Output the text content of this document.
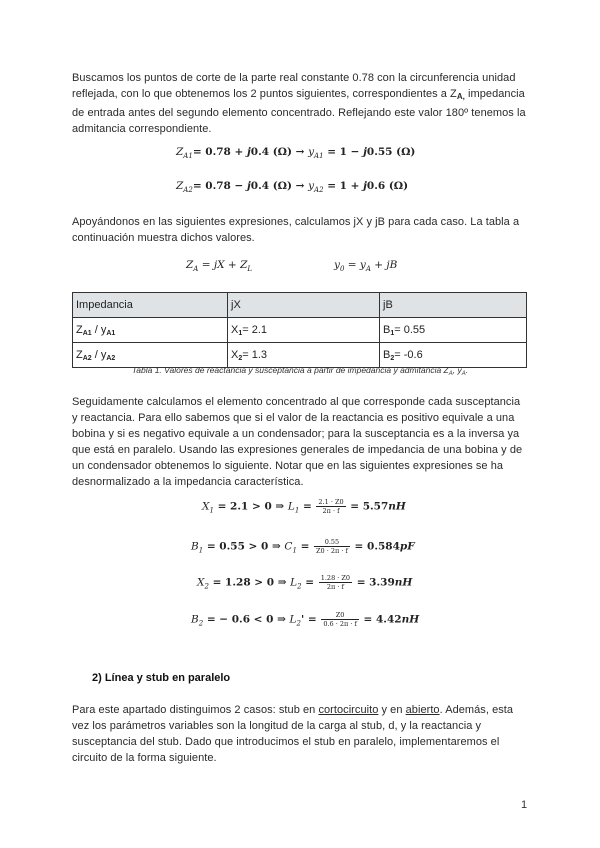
Buscamos los puntos de corte de la parte real constante 0.78 con la circunferencia unidad reflejada, con lo que obtenemos los 2 puntos siguientes, correspondientes a ZA, impedancia de entrada antes del segundo elemento concentrado. Reflejando este valor 180º tenemos la admitancia correspondiente.
$Z_{A1}= 0.78 + j0.4$ $(\Omega) \to y_{A1} = 1 - j0.55$ (Ω)
$Z_{A2}= 0.78 - j0.4$ $(\Omega) \to y_{A2} = 1 + j0.6$ (Ω)
Apoyándonos en las siguientes expresiones, calculamos jX y jB para cada caso. La tabla a continuación muestra dichos valores.
$Z_A$ = jX + $Z_L$	$y_0 = y_A$ + jB
Impedancia	jX	jB
ZA1 / yA1	X1= 2.1	B1= 0.55
ZA2 / yA2	X2= 1.3	B2= -0.6
Tabla 1. Valores de reactancia y susceptancia a partir de impedancia y admitancia $Z_A$, $y_A$.
Seguidamente calculamos el elemento concentrado al que corresponde cada susceptancia y reactancia. Para ello sabemos que si el valor de la reactancia es positivo equivale a una bobina y si es negativo equivale a un condensador; para la susceptancia es a la inversa ya que está en paralelo. Usando las expresiones generales de impedancia de una bobina y de un condensador obtenemos lo siguiente. Notar que en las siguientes expresiones se ha desnormalizado a la impedancia característica.
$X_1 = 2.1 > 0$ ⇒ $L_1 = \frac{2.1 \cdot Z0}{2\pi \cdot f} = 5.57nH$
$B_1 = 0.55 > 0$ ⇒ $C_1 = \frac{0.55}{Z0 \cdot 2\pi \cdot f} = 0.584pF$
$X_2 = 1.28 > 0$ ⇒ $L_2 = \frac{1.28 \cdot Z0}{2\pi \cdot f} = 3.39nH$
$B_2$ = − 0.6 < 0 ⇒ $L_2' = \frac{Z0}{0.6 \cdot 2\pi \cdot f} = 4.42nH$
2) Línea y stub en paralelo
Para este apartado distinguimos 2 casos: stub en cortocircuito y en abierto. Además, esta vez los parámetros variables son la longitud de la carga al stub, d, y la reactancia y susceptancia del stub. Dado que introducimos el stub en paralelo, implementaremos el circuito de la forma siguiente.
1
